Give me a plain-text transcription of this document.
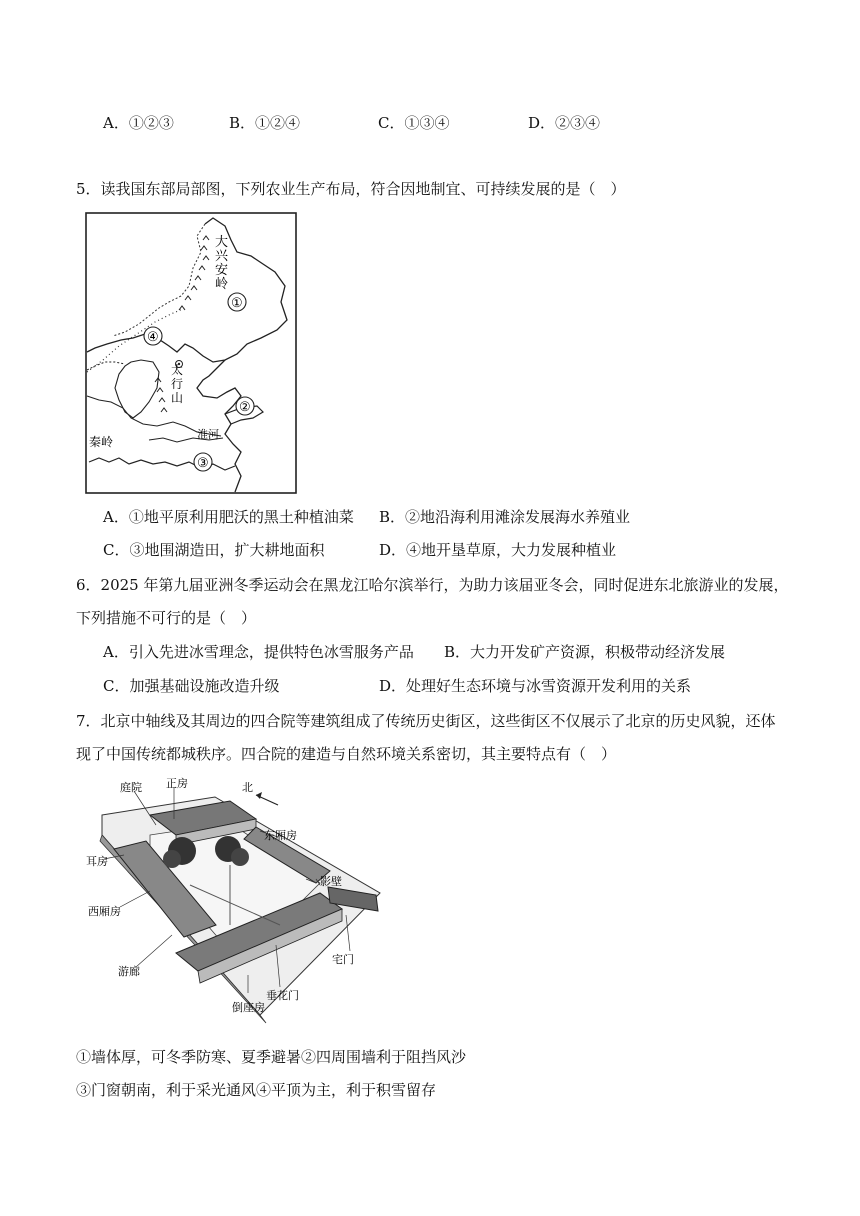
A．①②③	B．①②④	C．①③④	D．②③④
5．读我国东部局部图，下列农业生产布局，符合因地制宜、可持续发展的是（　）
大
兴
安
岭
太
行
山
秦岭
淮河
①
②
③
④
A．①地平原利用肥沃的黑土种植油菜 B．②地沿海利用滩涂发展海水养殖业
C．③地围湖造田，扩大耕地面积	D．④地开垦草原，大力发展种植业
6．2025 年第九届亚洲冬季运动会在黑龙江哈尔滨举行，为助力该届亚冬会，同时促进东北旅游业的发展，
下列措施不可行的是（　）
A．引入先进冰雪理念，提供特色冰雪服务产品 B．大力开发矿产资源，积极带动经济发展
C．加强基础设施改造升级	D．处理好生态环境与冰雪资源开发利用的关系
7．北京中轴线及其周边的四合院等建筑组成了传统历史街区，这些街区不仅展示了北京的历史风貌，还体
现了中国传统都城秩序。四合院的建造与自然环境关系密切，其主要特点有（　）
正房
庭院	北
东厢房
耳房
影壁
西厢房
宅门
游廊
垂花门
倒座房
①墙体厚，可冬季防寒、夏季避暑②四周围墙利于阻挡风沙
③门窗朝南，利于采光通风④平顶为主，利于积雪留存
